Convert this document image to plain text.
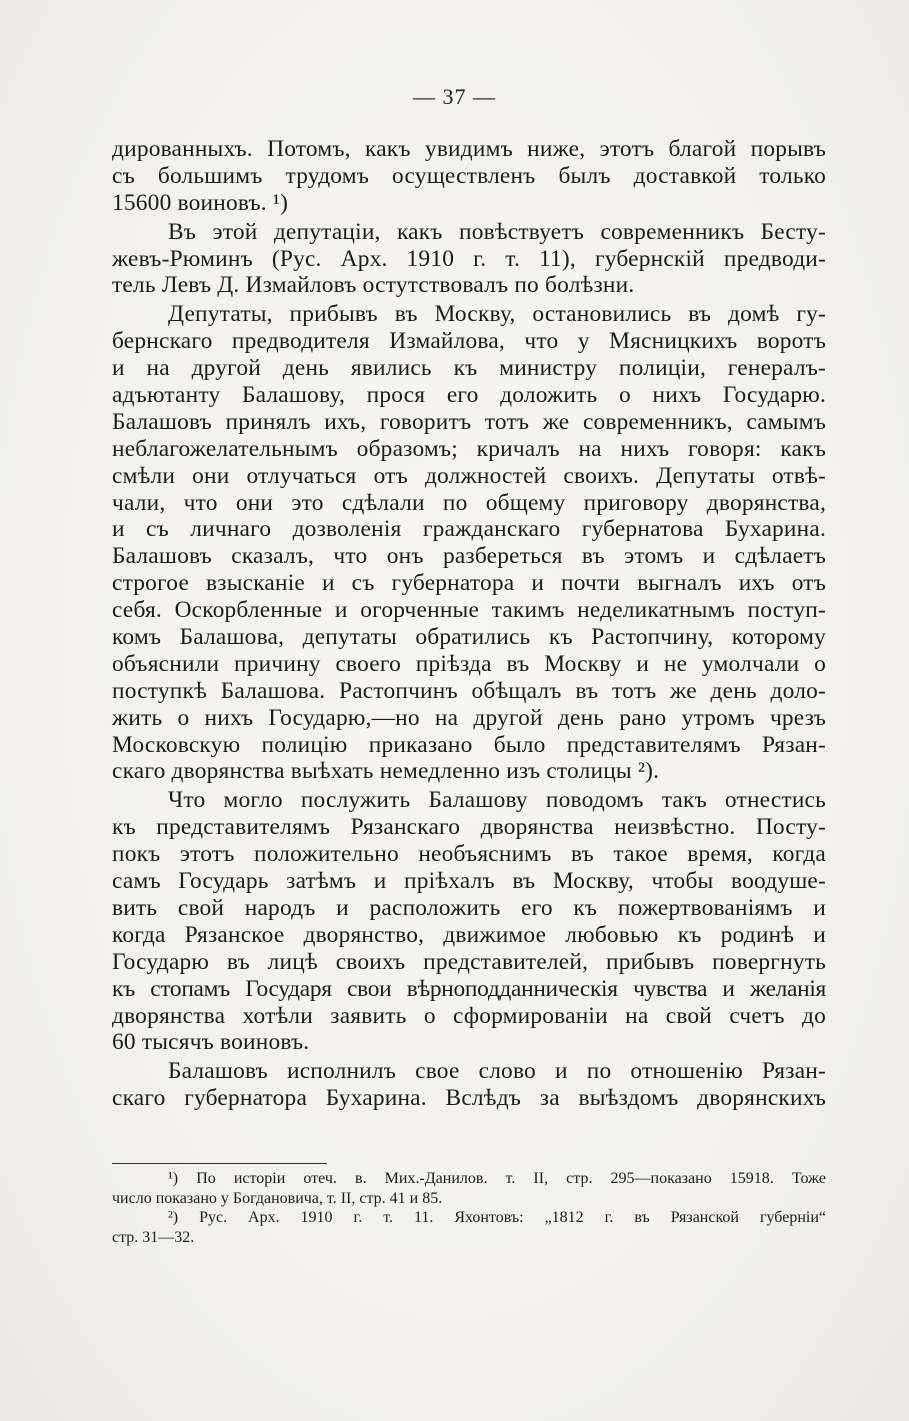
— 37 —
дированныхъ. Потомъ, какъ увидимъ ниже, этотъ благой порывъ
съ большимъ трудомъ осуществленъ былъ доставкой только
15600 воиновъ. ¹)
Въ этой депутаціи, какъ повѣствуетъ современникъ Бесту-
жевъ-Рюминъ (Рус. Арх. 1910 г. т. 11), губернскій предводи-
тель Левъ Д. Измайловъ остутствовалъ по болѣзни.
Депутаты, прибывъ въ Москву, остановились въ домѣ гу-
бернскаго предводителя Измайлова, что у Мясницкихъ воротъ
и на другой день явились къ министру полиціи, генералъ-
адъютанту Балашову, прося его доложить о нихъ Государю.
Балашовъ принялъ ихъ, говоритъ тотъ же современникъ, самымъ
неблагожелательнымъ образомъ; кричалъ на нихъ говоря: какъ
смѣли они отлучаться отъ должностей своихъ. Депутаты отвѣ-
чали, что они это сдѣлали по общему приговору дворянства,
и съ личнаго дозволенія гражданскаго губернатова Бухарина.
Балашовъ сказалъ, что онъ разбереться въ этомъ и сдѣлаетъ
строгое взысканіе и съ губернатора и почти выгналъ ихъ отъ
себя. Оскорбленные и огорченные такимъ неделикатнымъ поступ-
комъ Балашова, депутаты обратились къ Растопчину, которому
объяснили причину своего пріѣзда въ Москву и не умолчали о
поступкѣ Балашова. Растопчинъ обѣщалъ въ тотъ же день доло-
жить о нихъ Государю,—но на другой день рано утромъ чрезъ
Московскую полицію приказано было представителямъ Рязан-
скаго дворянства выѣхать немедленно изъ столицы ²).
Что могло послужить Балашову поводомъ такъ отнестись
къ представителямъ Рязанскаго дворянства неизвѣстно. Посту-
покъ этотъ положительно необъяснимъ въ такое время, когда
самъ Государь затѣмъ и пріѣхалъ въ Москву, чтобы воодуше-
вить свой народъ и расположить его къ пожертвованіямъ и
когда Рязанское дворянство, движимое любовью къ родинѣ и
Государю въ лицѣ своихъ представителей, прибывъ повергнуть
къ стопамъ Государя свои вѣрноподданническія чувства и желанія
дворянства хотѣли заявить о сформированіи на свой счетъ до
60 тысячъ воиновъ.
Балашовъ исполнилъ свое слово и по отношенію Рязан-
скаго губернатора Бухарина. Вслѣдъ за выѣздомъ дворянскихъ
¹) По исторіи отеч. в. Мих.-Данилов. т. II, стр. 295—показано 15918. Тоже
число показано у Богдановича, т. II, стр. 41 и 85.
²) Рус. Арх. 1910 г. т. 11. Яхонтовъ: „1812 г. въ Рязанской губерніи“
стр. 31—32.
